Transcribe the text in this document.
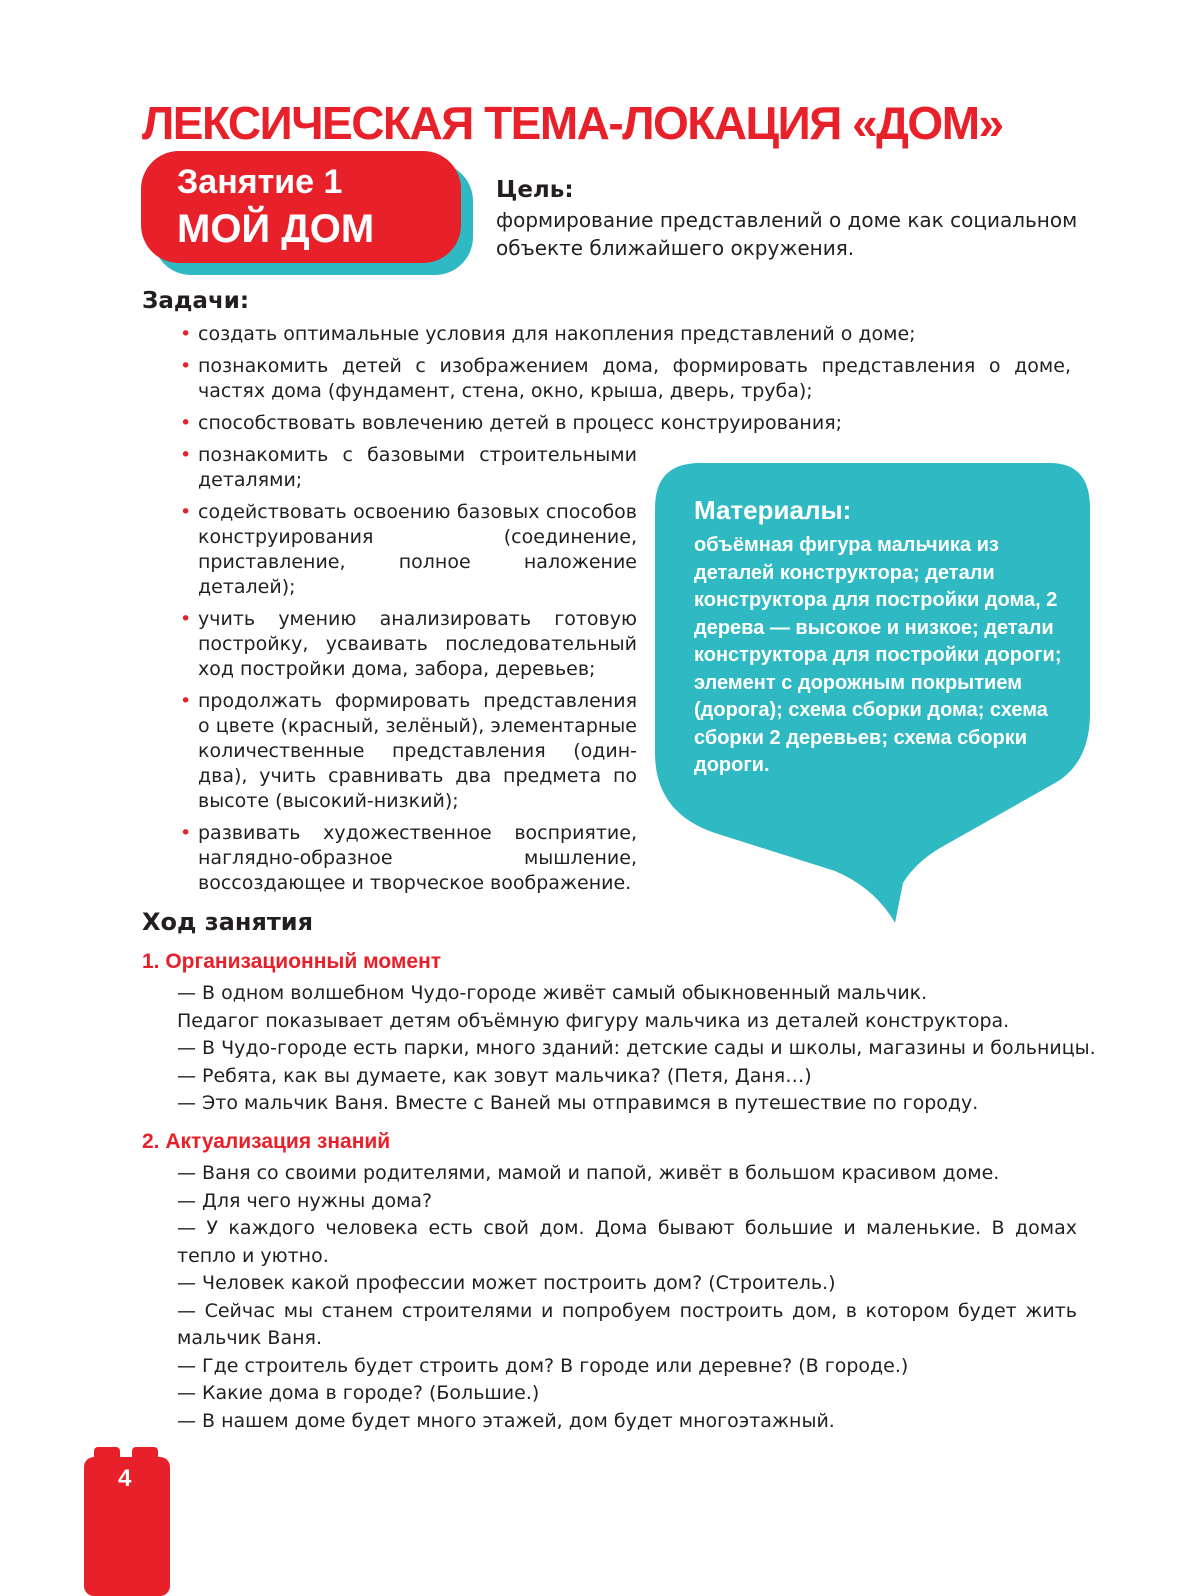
ЛЕКСИЧЕСКАЯ ТЕМА-ЛОКАЦИЯ «ДОМ»
Занятие 1
МОЙ ДОМ

Цель:

формирование представлений о доме как социальном объекте ближайшего окружения.

Задачи:
• создать оптимальные условия для накопления представлений о доме;
• познакомить детей с изображением дома, формировать представления о доме, частях дома (фундамент, стена, окно, крыша, дверь, труба);
• способствовать вовлечению детей в процесс конструирования;
• познакомить с базовыми строительными деталями;
• содействовать освоению базовых способов конструирования (соединение, приставление, полное наложение деталей);
• учить умению анализировать готовую постройку, усваивать последовательный ход постройки дома, забора, деревьев;
• продолжать формировать представления о цвете (красный, зелёный), элементарные количественные представления (один-два), учить сравнивать два предмета по высоте (высокий-низкий);
• развивать художественное восприятие, наглядно-образное мышление, воссоздающее и творческое воображение.

Материалы:

объёмная фигура мальчика из деталей конструктора; детали конструктора для постройки дома, 2 дерева — высокое и низкое; детали конструктора для постройки дороги; элемент с дорожным покрытием (дорога); схема сборки дома; схема сборки 2 деревьев; схема сборки дороги.

Ход занятия
1. Организационный момент
— В одном волшебном Чудо-городе живёт самый обыкновенный мальчик.
Педагог показывает детям объёмную фигуру мальчика из деталей конструктора.
— В Чудо-городе есть парки, много зданий: детские сады и школы, магазины и больницы.
— Ребята, как вы думаете, как зовут мальчика? (Петя, Даня…)
— Это мальчик Ваня. Вместе с Ваней мы отправимся в путешествие по городу.
2. Актуализация знаний
— Ваня со своими родителями, мамой и папой, живёт в большом красивом доме.
— Для чего нужны дома?
— У каждого человека есть свой дом. Дома бывают большие и маленькие. В домах тепло и уютно.
— Человек какой профессии может построить дом? (Строитель.)
— Сейчас мы станем строителями и попробуем построить дом, в котором будет жить мальчик Ваня.
— Где строитель будет строить дом? В городе или деревне? (В городе.)
— Какие дома в городе? (Большие.)
— В нашем доме будет много этажей, дом будет многоэтажный.
4
